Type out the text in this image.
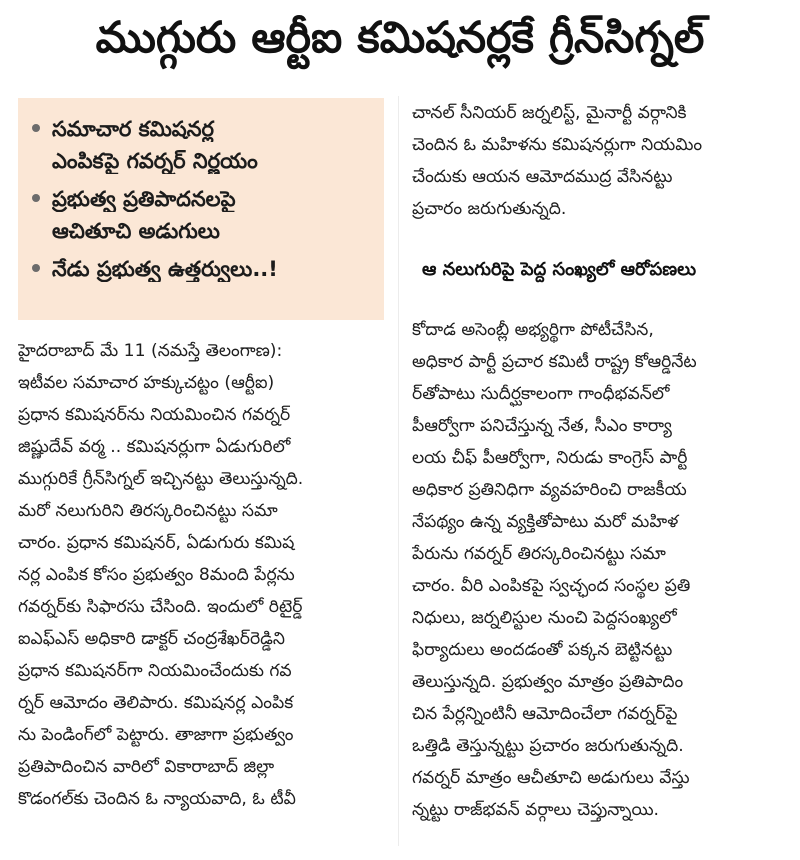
ముగ్గురు ఆర్టీఐ కమిషనర్లకే గ్రీన్‌సిగ్నల్‌
సమాచార కమిషనర్ల
ఎంపికపై గవర్నర్ నిర్ణయం
ప్రభుత్వ ప్రతిపాదనలపై
ఆచితూచి అడుగులు
నేడు ప్రభుత్వ ఉత్తర్వులు..!
హైదరాబాద్‌ మే 11 (నమస్తే తెలంగాణ):
ఇటీవల సమాచార హక్కుచట్టం (ఆర్టీఐ)
ప్రధాన కమిషనర్‌ను నియమించిన గవర్నర్
జిష్ణుదేవ్ వర్మ .. కమిషనర్లుగా ఏడుగురిలో
ముగ్గురికే గ్రీన్‌సిగ్నల్ ఇచ్చినట్టు తెలుస్తున్నది.
మరో నలుగురిని తిరస్కరించినట్టు సమా
చారం. ప్రధాన కమిషనర్, ఏడుగురు కమిష
నర్ల ఎంపిక కోసం ప్రభుత్వం 8మంది పేర్లను
గవర్నర్‌కు సిఫారసు చేసింది. ఇందులో రిటైర్డ్
ఐఎఫ్‌ఎస్ అధికారి డాక్టర్ చంద్రశేఖర్‌రెడ్డిని
ప్రధాన కమిషనర్‌గా నియమించేందుకు గవ
ర్నర్ ఆమోదం తెలిపారు. కమిషనర్ల ఎంపిక
ను పెండింగ్‌లో పెట్టారు. తాజాగా ప్రభుత్వం
ప్రతిపాదించిన వారిలో వికారాబాద్ జిల్లా
కొడంగల్‌కు చెందిన ఓ న్యాయవాది, ఓ టీవీ
చానల్ సీనియర్ జర్నలిస్ట్, మైనార్టీ వర్గానికి
చెందిన ఓ మహిళను కమిషనర్లుగా నియమిం
చేందుకు ఆయన ఆమోదముద్ర వేసినట్టు
ప్రచారం జరుగుతున్నది.
ఆ నలుగురిపై పెద్ద సంఖ్యలో ఆరోపణలు
కోదాడ అసెంబ్లీ అభ్యర్థిగా పోటీచేసిన,
అధికార పార్టీ ప్రచార కమిటీ రాష్ట్ర కోఆర్డినేట
ర్‌తోపాటు సుదీర్ఘకాలంగా గాంధీభవన్‌లో
పీఆర్వోగా పనిచేస్తున్న నేత, సీఎం కార్యా
లయ చీఫ్ పీఆర్వోగా, నిరుడు కాంగ్రెస్ పార్టీ
అధికార ప్రతినిధిగా వ్యవహరించి రాజకీయ
నేపథ్యం ఉన్న వ్యక్తితోపాటు మరో మహిళ
పేరును గవర్నర్ తిరస్కరించినట్టు సమా
చారం. వీరి ఎంపికపై స్వచ్ఛంద సంస్థల ప్రతి
నిధులు, జర్నలిస్టుల నుంచి పెద్దసంఖ్యలో
ఫిర్యాదులు అందడంతో పక్కన బెట్టినట్టు
తెలుస్తున్నది. ప్రభుత్వం మాత్రం ప్రతిపాదిం
చిన పేర్లన్నింటినీ ఆమోదించేలా గవర్నర్‌పై
ఒత్తిడి తెస్తున్నట్టు ప్రచారం జరుగుతున్నది.
గవర్నర్ మాత్రం ఆచీతూచి అడుగులు వేస్తు
న్నట్టు రాజ్‌భవన్ వర్గాలు చెప్తున్నాయి.
